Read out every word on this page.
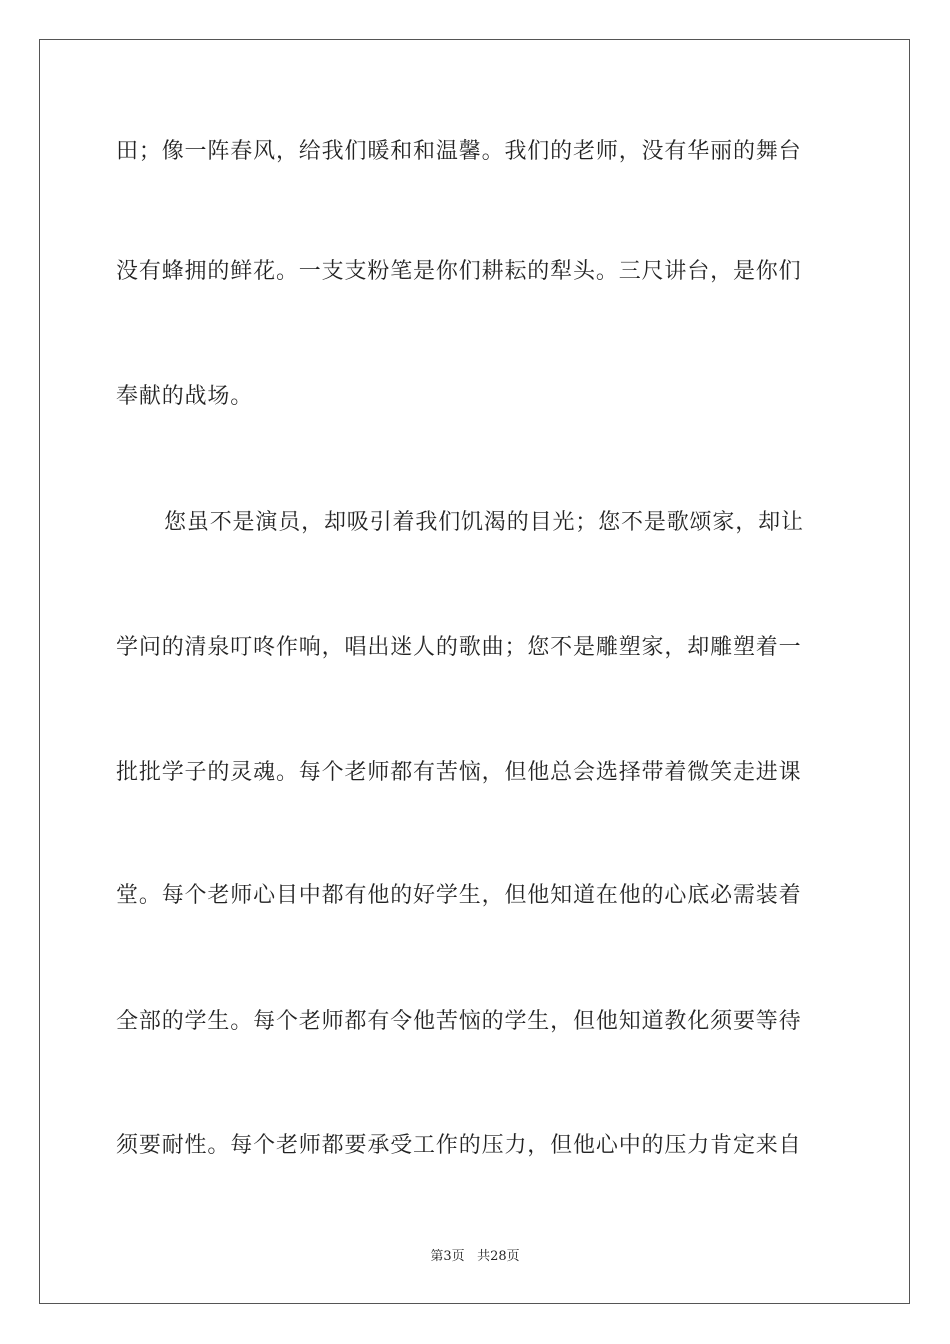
田；像一阵春风，给我们暖和和温馨。我们的老师，没有华丽的舞台
没有蜂拥的鲜花。一支支粉笔是你们耕耘的犁头。三尺讲台，是你们
奉献的战场。
您虽不是演员，却吸引着我们饥渴的目光；您不是歌颂家，却让
学问的清泉叮咚作响，唱出迷人的歌曲；您不是雕塑家，却雕塑着一
批批学子的灵魂。每个老师都有苦恼，但他总会选择带着微笑走进课
堂。每个老师心目中都有他的好学生，但他知道在他的心底必需装着
全部的学生。每个老师都有令他苦恼的学生，但他知道教化须要等待
须要耐性。每个老师都要承受工作的压力，但他心中的压力肯定来自
第3页 共28页
